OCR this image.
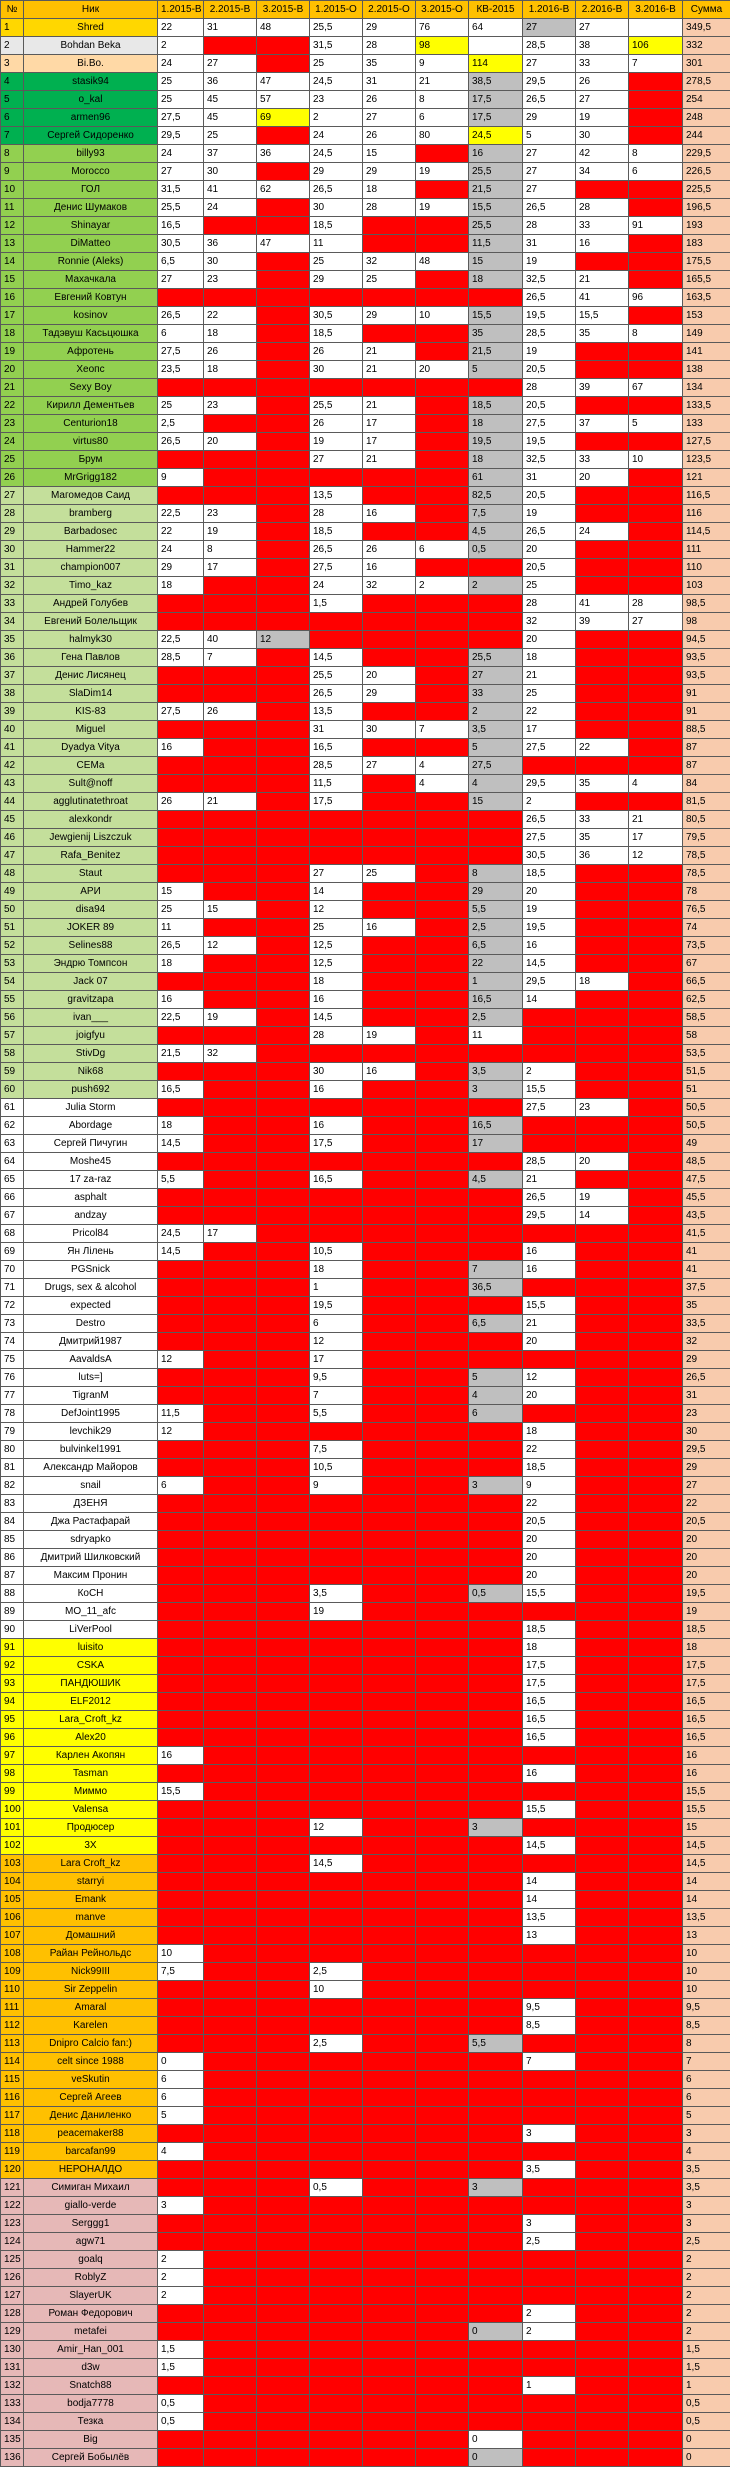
№	Ник	1.2015-В	2.2015-В	3.2015-В	1.2015-О	2.2015-О	3.2015-О	КВ-2015	1.2016-В	2.2016-В	3.2016-В	Сумма
1	Shred	22	31	48	25,5	29	76	64	27	27		349,5
2	Bohdan Beka	2			31,5	28	98		28,5	38	106	332
3	Bi.Bo.	24	27		25	35	9	114	27	33	7	301
4	stasik94	25	36	47	24,5	31	21	38,5	29,5	26		278,5
5	o_kal	25	45	57	23	26	8	17,5	26,5	27		254
6	armen96	27,5	45	69	2	27	6	17,5	29	19		248
7	Сергей Сидоренко	29,5	25		24	26	80	24,5	5	30		244
8	billy93	24	37	36	24,5	15		16	27	42	8	229,5
9	Moroccо	27	30		29	29	19	25,5	27	34	6	226,5
10	ГОЛ	31,5	41	62	26,5	18		21,5	27			225,5
11	Денис Шумаков	25,5	24		30	28	19	15,5	26,5	28		196,5
12	Shinayar	16,5			18,5			25,5	28	33	91	193
13	DiMatteo	30,5	36	47	11			11,5	31	16		183
14	Ronnie (Aleks)	6,5	30		25	32	48	15	19			175,5
15	Махачкала	27	23		29	25		18	32,5	21		165,5
16	Евгений Ковтун								26,5	41	96	163,5
17	kosinov	26,5	22		30,5	29	10	15,5	19,5	15,5		153
18	Тадэвуш Касьцюшка	6	18		18,5			35	28,5	35	8	149
19	Афротень	27,5	26		26	21		21,5	19			141
20	Хеопс	23,5	18		30	21	20	5	20,5			138
21	Sexy Boy								28	39	67	134
22	Кирилл Дементьев	25	23		25,5	21		18,5	20,5			133,5
23	Centurion18	2,5			26	17		18	27,5	37	5	133
24	virtus80	26,5	20		19	17		19,5	19,5			127,5
25	Брум				27	21		18	32,5	33	10	123,5
26	MrGrigg182	9						61	31	20		121
27	Магомедов Саид				13,5			82,5	20,5			116,5
28	bramberg	22,5	23		28	16		7,5	19			116
29	Barbadosec	22	19		18,5			4,5	26,5	24		114,5
30	Hammer22	24	8		26,5	26	6	0,5	20			111
31	champion007	29	17		27,5	16			20,5			110
32	Timo_kaz	18			24	32	2	2	25			103
33	Андрей Голубев				1,5				28	41	28	98,5
34	Евгений Болельщик								32	39	27	98
35	halmyk30	22,5	40	12					20			94,5
36	Гена Павлов	28,5	7		14,5			25,5	18			93,5
37	Денис Лисянец				25,5	20		27	21			93,5
38	SlaDim14				26,5	29		33	25			91
39	KIS-83	27,5	26		13,5			2	22			91
40	Miguel				31	30	7	3,5	17			88,5
41	Dyadya Vitya	16			16,5			5	27,5	22		87
42	СЕМа				28,5	27	4	27,5				87
43	Sult@noff				11,5		4	4	29,5	35	4	84
44	agglutinatethroat	26	21		17,5			15	2			81,5
45	alexkondr								26,5	33	21	80,5
46	Jewgienij Liszczuk								27,5	35	17	79,5
47	Rafa_Benitez								30,5	36	12	78,5
48	Staut				27	25		8	18,5			78,5
49	АРИ	15			14			29	20			78
50	disa94	25	15		12			5,5	19			76,5
51	JOKER 89	11			25	16		2,5	19,5			74
52	Selines88	26,5	12		12,5			6,5	16			73,5
53	Эндрю Томпсон	18			12,5			22	14,5			67
54	Jack 07				18			1	29,5	18		66,5
55	gravitzapa	16			16			16,5	14			62,5
56	ivan___	22,5	19		14,5			2,5				58,5
57	joigfyu				28	19		11				58
58	StivDg	21,5	32									53,5
59	Nik68				30	16		3,5	2			51,5
60	push692	16,5			16			3	15,5			51
61	Julia Storm								27,5	23		50,5
62	Abordage	18			16			16,5				50,5
63	Сергей Пичугин	14,5			17,5			17				49
64	Moshe45								28,5	20		48,5
65	17 za-raz	5,5			16,5			4,5	21			47,5
66	asphalt								26,5	19		45,5
67	andzay								29,5	14		43,5
68	Pricol84	24,5	17									41,5
69	Ян Лілень	14,5			10,5				16			41
70	PGSnick				18			7	16			41
71	Drugs, sex & alcohol				1			36,5				37,5
72	expected				19,5				15,5			35
73	Destro				6			6,5	21			33,5
74	Дмитрий1987				12				20			32
75	AavaldsA	12			17							29
76	luts=]				9,5			5	12			26,5
77	TigranM				7			4	20			31
78	DefJoint1995	11,5			5,5			6				23
79	levchik29	12							18			30
80	bulvinkel1991				7,5				22			29,5
81	Александр Майоров				10,5				18,5			29
82	snail	6			9			3	9			27
83	ДЗЕНЯ								22			22
84	Джа Растафарай								20,5			20,5
85	sdryapko								20			20
86	Дмитрий Шилковский								20			20
87	Максим Пронин								20			20
88	КоСН				3,5			0,5	15,5			19,5
89	MO_11_afc				19							19
90	LiVerPool								18,5			18,5
91	luisito								18			18
92	CSKA								17,5			17,5
93	ПАНДЮШИК								17,5			17,5
94	ELF2012								16,5			16,5
95	Lara_Croft_kz								16,5			16,5
96	Alex20								16,5			16,5
97	Карлен Акопян	16										16
98	Tasman								16			16
99	Миммо	15,5										15,5
100	Valensa								15,5			15,5
101	Продюсер				12			3				15
102	3X								14,5			14,5
103	Lara Croft_kz				14,5							14,5
104	starryi								14			14
105	Emank								14			14
106	manve								13,5			13,5
107	Домашний								13			13
108	Райан Рейнольдс	10										10
109	Nick99III	7,5			2,5							10
110	Sir Zeppelin				10							10
111	Amaral								9,5			9,5
112	Karelen								8,5			8,5
113	Dnipro Calcio fan:)				2,5			5,5				8
114	celt since 1988	0							7			7
115	veSkutin	6										6
116	Сергей Агеев	6										6
117	Денис Даниленко	5										5
118	peacemaker88								3			3
119	barcafan99	4										4
120	НЕРОНАЛДО								3,5			3,5
121	Симиган Михаил				0,5			3				3,5
122	giallo-verde	3										3
123	Serggg1								3			3
124	agw71								2,5			2,5
125	goalq	2										2
126	RoblyZ	2										2
127	SlayerUK	2										2
128	Роман Федорович								2			2
129	metafei							0	2			2
130	Amir_Han_001	1,5										1,5
131	d3w	1,5										1,5
132	Snatch88								1			1
133	bodja7778	0,5										0,5
134	Тезка	0,5										0,5
135	Big							0				0
136	Сергей Бобылёв							0				0
